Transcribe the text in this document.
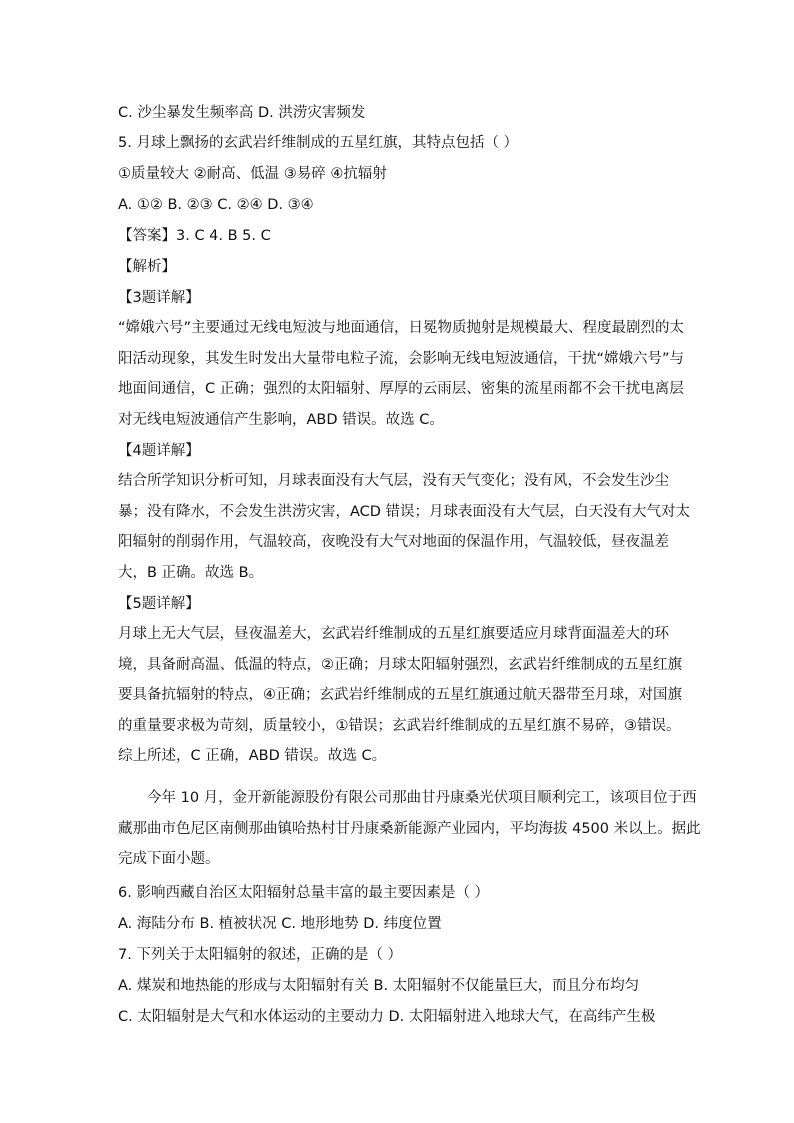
C. 沙尘暴发生频率高 D. 洪涝灾害频发
5. 月球上飘扬的玄武岩纤维制成的五星红旗，其特点包括（ ）
①质量较大 ②耐高、低温 ③易碎 ④抗辐射
A. ①② B. ②③ C. ②④ D. ③④
【答案】3. C 4. B 5. C
【解析】
【3题详解】
“嫦娥六号”主要通过无线电短波与地面通信，日冕物质抛射是规模最大、程度最剧烈的太
阳活动现象，其发生时发出大量带电粒子流，会影响无线电短波通信，干扰“嫦娥六号”与
地面间通信，C 正确；强烈的太阳辐射、厚厚的云雨层、密集的流星雨都不会干扰电离层
对无线电短波通信产生影响，ABD 错误。故选 C。
【4题详解】
结合所学知识分析可知，月球表面没有大气层，没有天气变化；没有风，不会发生沙尘
暴；没有降水，不会发生洪涝灾害，ACD 错误；月球表面没有大气层，白天没有大气对太
阳辐射的削弱作用，气温较高，夜晚没有大气对地面的保温作用，气温较低，昼夜温差
大，B 正确。故选 B。
【5题详解】
月球上无大气层，昼夜温差大，玄武岩纤维制成的五星红旗要适应月球背面温差大的环
境，具备耐高温、低温的特点，②正确；月球太阳辐射强烈，玄武岩纤维制成的五星红旗
要具备抗辐射的特点，④正确；玄武岩纤维制成的五星红旗通过航天器带至月球，对国旗
的重量要求极为苛刻，质量较小，①错误；玄武岩纤维制成的五星红旗不易碎，③错误。
综上所述，C 正确，ABD 错误。故选 C。
今年 10 月，金开新能源股份有限公司那曲甘丹康桑光伏项目顺利完工，该项目位于西
藏那曲市色尼区南侧那曲镇哈热村甘丹康桑新能源产业园内，平均海拔 4500 米以上。据此
完成下面小题。
6. 影响西藏自治区太阳辐射总量丰富的最主要因素是（ ）
A. 海陆分布 B. 植被状况 C. 地形地势 D. 纬度位置
7. 下列关于太阳辐射的叙述，正确的是（ ）
A. 煤炭和地热能的形成与太阳辐射有关 B. 太阳辐射不仅能量巨大，而且分布均匀
C. 太阳辐射是大气和水体运动的主要动力 D. 太阳辐射进入地球大气，在高纬产生极
